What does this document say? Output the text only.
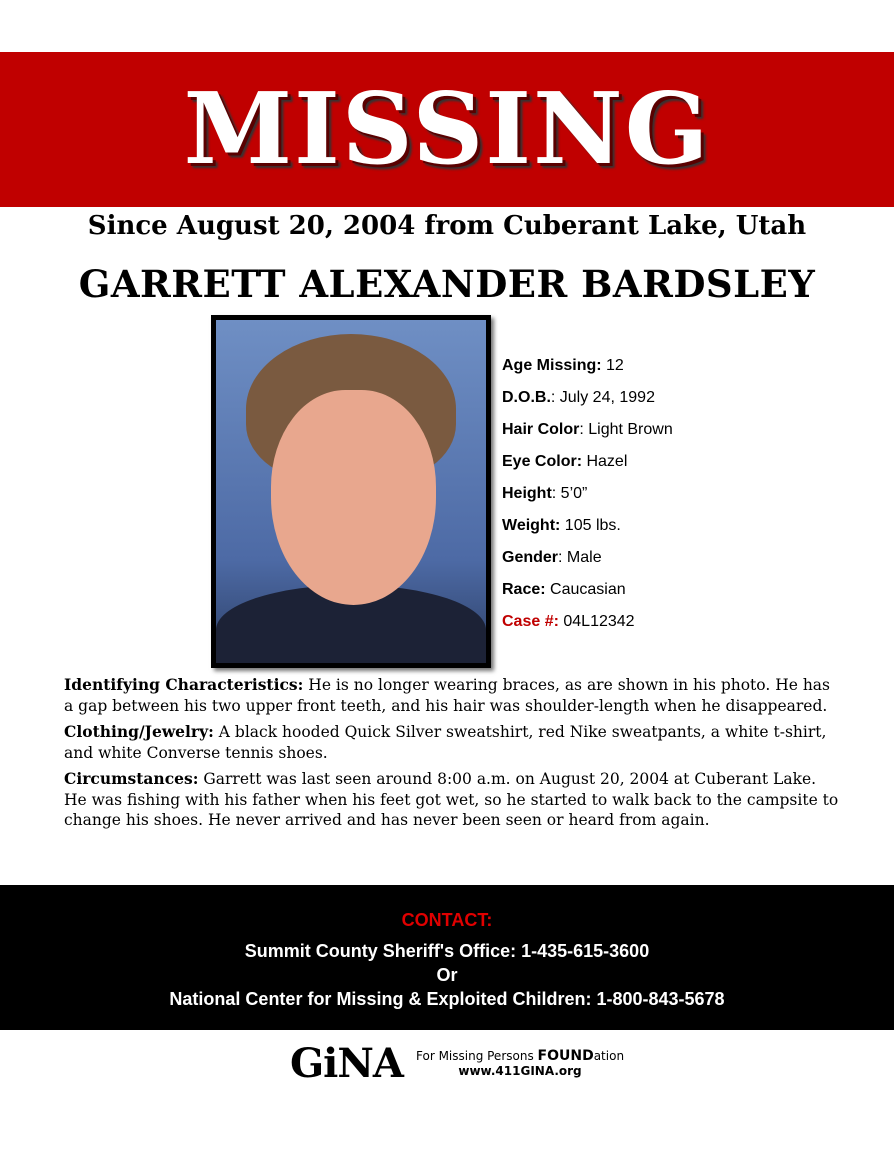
MISSING
Since August 20, 2004 from Cuberant Lake, Utah
GARRETT ALEXANDER BARDSLEY
Age Missing: 12
D.O.B.: July 24, 1992
Hair Color: Light Brown
Eye Color: Hazel
Height: 5’0”
Weight: 105 lbs.
Gender: Male
Race: Caucasian
Case #: 04L12342

Identifying Characteristics: He is no longer wearing braces, as are shown in his photo. He has a gap between his two upper front teeth, and his hair was shoulder-length when he disappeared.

Clothing/Jewelry: A black hooded Quick Silver sweatshirt, red Nike sweatpants, a white t-shirt, and white Converse tennis shoes.

Circumstances: Garrett was last seen around 8:00 a.m. on August 20, 2004 at Cuberant Lake. He was fishing with his father when his feet got wet, so he started to walk back to the campsite to change his shoes. He never arrived and has never been seen or heard from again.

CONTACT:
Summit County Sheriff's Office: 1-435-615-3600
Or
National Center for Missing & Exploited Children: 1-800-843-5678
GiNA For Missing Persons FOUNDation
www.411GINA.org
